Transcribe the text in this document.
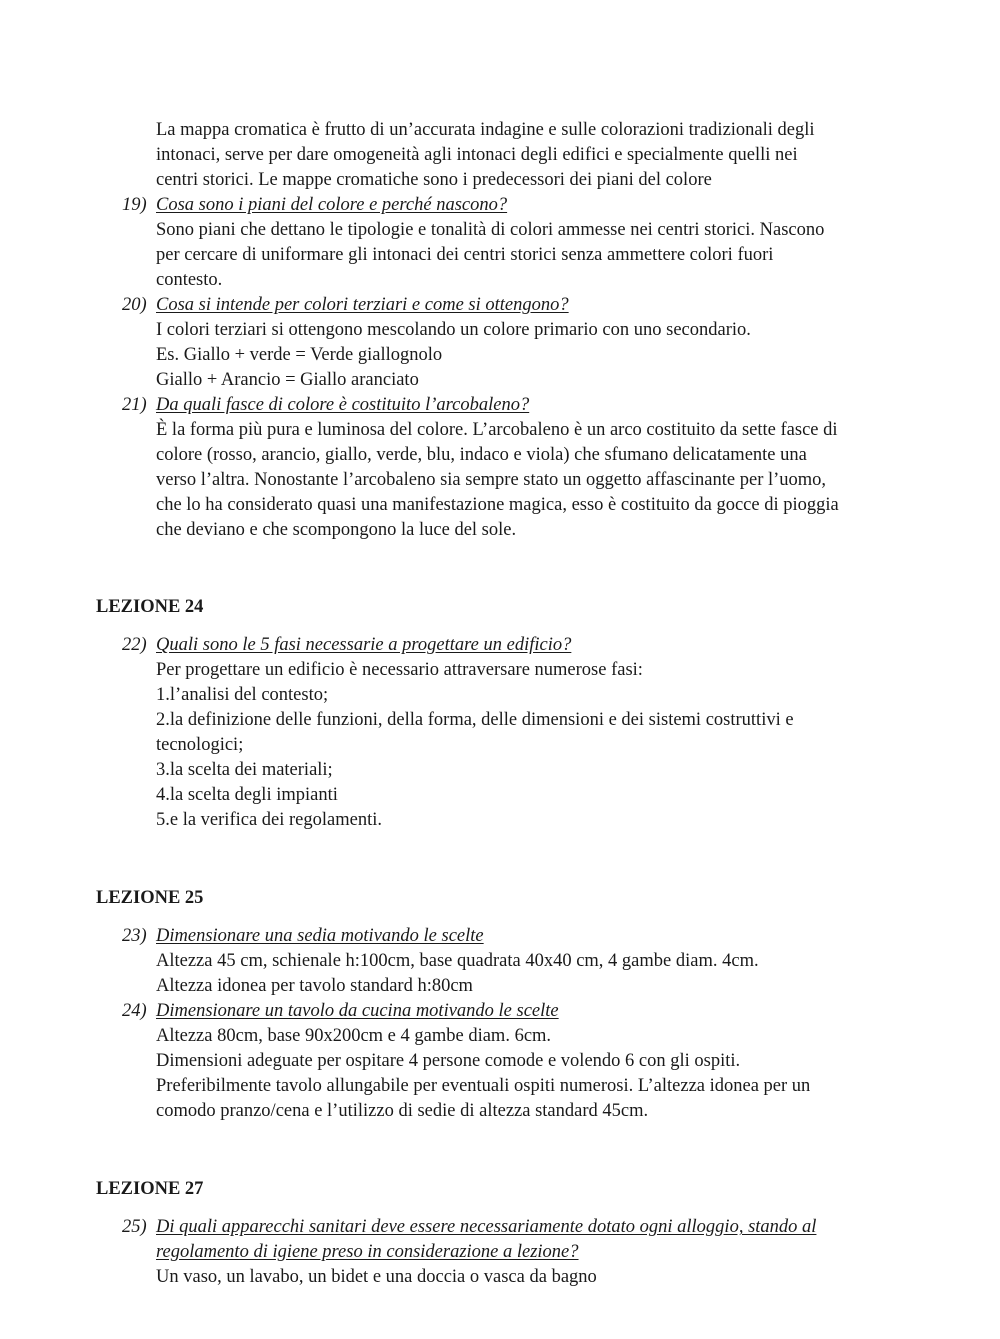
La mappa cromatica è frutto di un’accurata indagine e sulle colorazioni tradizionali degli
intonaci, serve per dare omogeneità agli intonaci degli edifici e specialmente quelli nei
centri storici. Le mappe cromatiche sono i predecessori dei piani del colore
19) Cosa sono i piani del colore e perché nascono?
Sono piani che dettano le tipologie e tonalità di colori ammesse nei centri storici. Nascono
per cercare di uniformare gli intonaci dei centri storici senza ammettere colori fuori
contesto.
20) Cosa si intende per colori terziari e come si ottengono?
I colori terziari si ottengono mescolando un colore primario con uno secondario.
Es. Giallo + verde = Verde giallognolo
Giallo + Arancio = Giallo aranciato
21) Da quali fasce di colore è costituito l’arcobaleno?
È la forma più pura e luminosa del colore. L’arcobaleno è un arco costituito da sette fasce di
colore (rosso, arancio, giallo, verde, blu, indaco e viola) che sfumano delicatamente una
verso l’altra. Nonostante l’arcobaleno sia sempre stato un oggetto affascinante per l’uomo,
che lo ha considerato quasi una manifestazione magica, esso è costituito da gocce di pioggia
che deviano e che scompongono la luce del sole.
LEZIONE 24
22) Quali sono le 5 fasi necessarie a progettare un edificio?
Per progettare un edificio è necessario attraversare numerose fasi:
1.l’analisi del contesto;
2.la definizione delle funzioni, della forma, delle dimensioni e dei sistemi costruttivi e
tecnologici;
3.la scelta dei materiali;
4.la scelta degli impianti
5.e la verifica dei regolamenti.
LEZIONE 25
23) Dimensionare una sedia motivando le scelte
Altezza 45 cm, schienale h:100cm, base quadrata 40x40 cm, 4 gambe diam. 4cm.
Altezza idonea per tavolo standard h:80cm
24) Dimensionare un tavolo da cucina motivando le scelte
Altezza 80cm, base 90x200cm e 4 gambe diam. 6cm.
Dimensioni adeguate per ospitare 4 persone comode e volendo 6 con gli ospiti.
Preferibilmente tavolo allungabile per eventuali ospiti numerosi. L’altezza idonea per un
comodo pranzo/cena e l’utilizzo di sedie di altezza standard 45cm.
LEZIONE 27
25) Di quali apparecchi sanitari deve essere necessariamente dotato ogni alloggio, stando al
regolamento di igiene preso in considerazione a lezione?
Un vaso, un lavabo, un bidet e una doccia o vasca da bagno
